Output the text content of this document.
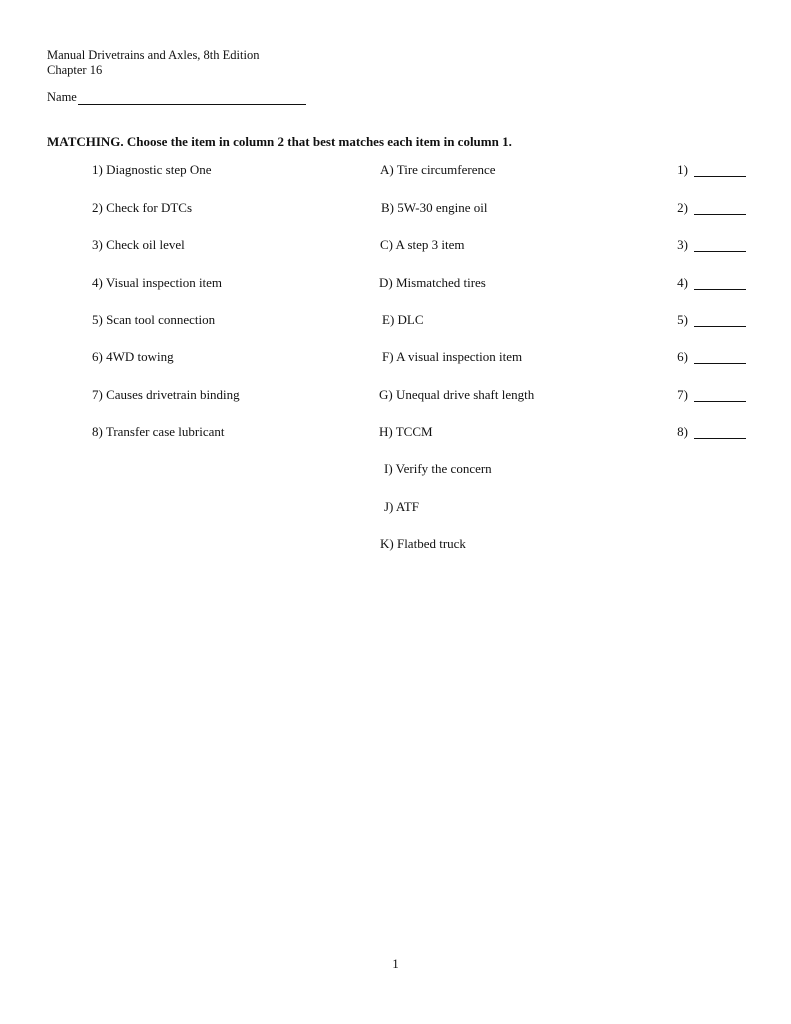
Manual Drivetrains and Axles, 8th Edition
Chapter 16
Name
MATCHING. Choose the item in column 2 that best matches each item in column 1.
1) Diagnostic step One
2) Check for DTCs
3) Check oil level
4) Visual inspection item
5) Scan tool connection
6) 4WD towing
7) Causes drivetrain binding
8) Transfer case lubricant
A) Tire circumference
B) 5W-30 engine oil
C) A step 3 item
D) Mismatched tires
E) DLC
F) A visual inspection item
G) Unequal drive shaft length
H) TCCM
I) Verify the concern
J) ATF
K) Flatbed truck
1)
2)
3)
4)
5)
6)
7)
8)
1
